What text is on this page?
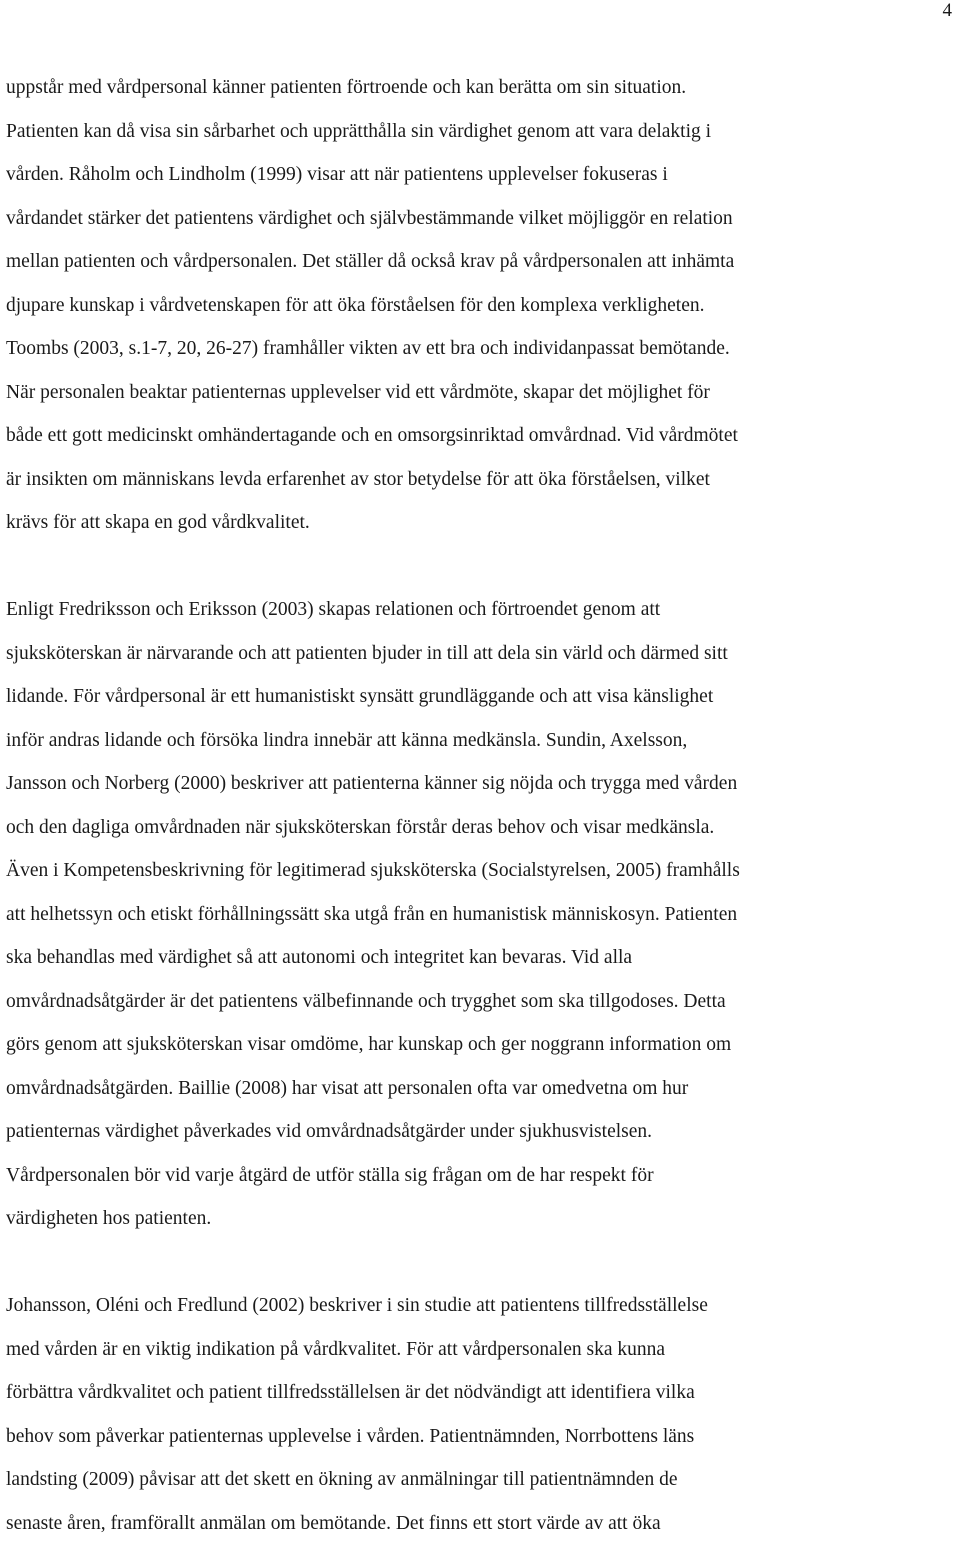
4
uppstår med vårdpersonal känner patienten förtroende och kan berätta om sin situation.
Patienten kan då visa sin sårbarhet och upprätthålla sin värdighet genom att vara delaktig i
vården. Råholm och Lindholm (1999) visar att när patientens upplevelser fokuseras i
vårdandet stärker det patientens värdighet och självbestämmande vilket möjliggör en relation
mellan patienten och vårdpersonalen. Det ställer då också krav på vårdpersonalen att inhämta
djupare kunskap i vårdvetenskapen för att öka förståelsen för den komplexa verkligheten.
Toombs (2003, s.1-7, 20, 26-27) framhåller vikten av ett bra och individanpassat bemötande.
När personalen beaktar patienternas upplevelser vid ett vårdmöte, skapar det möjlighet för
både ett gott medicinskt omhändertagande och en omsorgsinriktad omvårdnad. Vid vårdmötet
är insikten om människans levda erfarenhet av stor betydelse för att öka förståelsen, vilket
krävs för att skapa en god vårdkvalitet.
Enligt Fredriksson och Eriksson (2003) skapas relationen och förtroendet genom att
sjuksköterskan är närvarande och att patienten bjuder in till att dela sin värld och därmed sitt
lidande. För vårdpersonal är ett humanistiskt synsätt grundläggande och att visa känslighet
inför andras lidande och försöka lindra innebär att känna medkänsla. Sundin, Axelsson,
Jansson och Norberg (2000) beskriver att patienterna känner sig nöjda och trygga med vården
och den dagliga omvårdnaden när sjuksköterskan förstår deras behov och visar medkänsla.
Även i Kompetensbeskrivning för legitimerad sjuksköterska (Socialstyrelsen, 2005) framhålls
att helhetssyn och etiskt förhållningssätt ska utgå från en humanistisk människosyn. Patienten
ska behandlas med värdighet så att autonomi och integritet kan bevaras. Vid alla
omvårdnadsåtgärder är det patientens välbefinnande och trygghet som ska tillgodoses. Detta
görs genom att sjuksköterskan visar omdöme, har kunskap och ger noggrann information om
omvårdnadsåtgärden. Baillie (2008) har visat att personalen ofta var omedvetna om hur
patienternas värdighet påverkades vid omvårdnadsåtgärder under sjukhusvistelsen.
Vårdpersonalen bör vid varje åtgärd de utför ställa sig frågan om de har respekt för
värdigheten hos patienten.
Johansson, Oléni och Fredlund (2002) beskriver i sin studie att patientens tillfredsställelse
med vården är en viktig indikation på vårdkvalitet. För att vårdpersonalen ska kunna
förbättra vårdkvalitet och patient tillfredsställelsen är det nödvändigt att identifiera vilka
behov som påverkar patienternas upplevelse i vården. Patientnämnden, Norrbottens läns
landsting (2009) påvisar att det skett en ökning av anmälningar till patientnämnden de
senaste åren, framförallt anmälan om bemötande. Det finns ett stort värde av att öka
